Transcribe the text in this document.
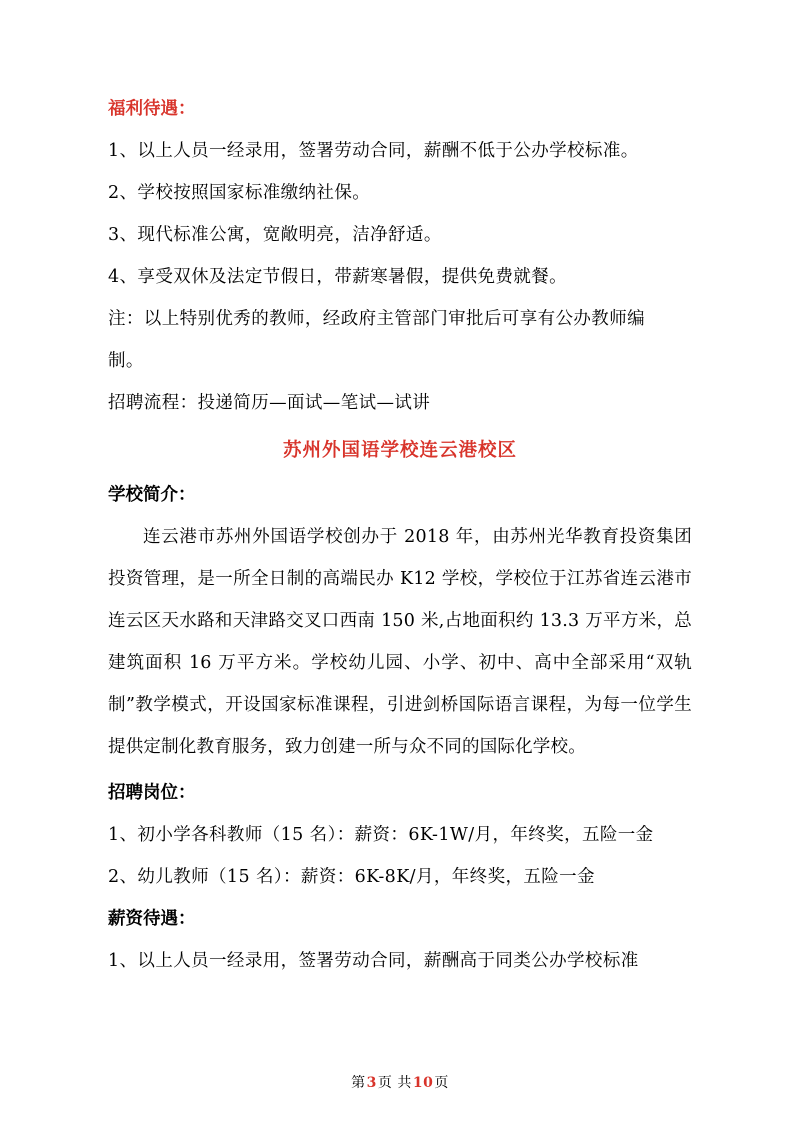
福利待遇：

1、以上人员一经录用，签署劳动合同，薪酬不低于公办学校标准。

2、学校按照国家标准缴纳社保。

3、现代标准公寓，宽敞明亮，洁净舒适。

4、享受双休及法定节假日，带薪寒暑假，提供免费就餐。

注：以上特别优秀的教师，经政府主管部门审批后可享有公办教师编

制。

招聘流程：投递简历—面试—笔试—试讲

苏州外国语学校连云港校区

学校简介：

连云港市苏州外国语学校创办于 2018 年，由苏州光华教育投资集团投资管理，是一所全日制的高端民办 K12 学校，学校位于江苏省连云港市连云区天水路和天津路交叉口西南 150 米,占地面积约 13.3 万平方米，总建筑面积 16 万平方米。学校幼儿园、小学、初中、高中全部采用“双轨制”教学模式，开设国家标准课程，引进剑桥国际语言课程，为每一位学生提供定制化教育服务，致力创建一所与众不同的国际化学校。

招聘岗位：

1、初小学各科教师（15 名）：薪资：6K-1W/月，年终奖，五险一金

2、幼儿教师（15 名）：薪资：6K-8K/月，年终奖，五险一金

薪资待遇：

1、以上人员一经录用，签署劳动合同，薪酬高于同类公办学校标准

第3页 共10页
